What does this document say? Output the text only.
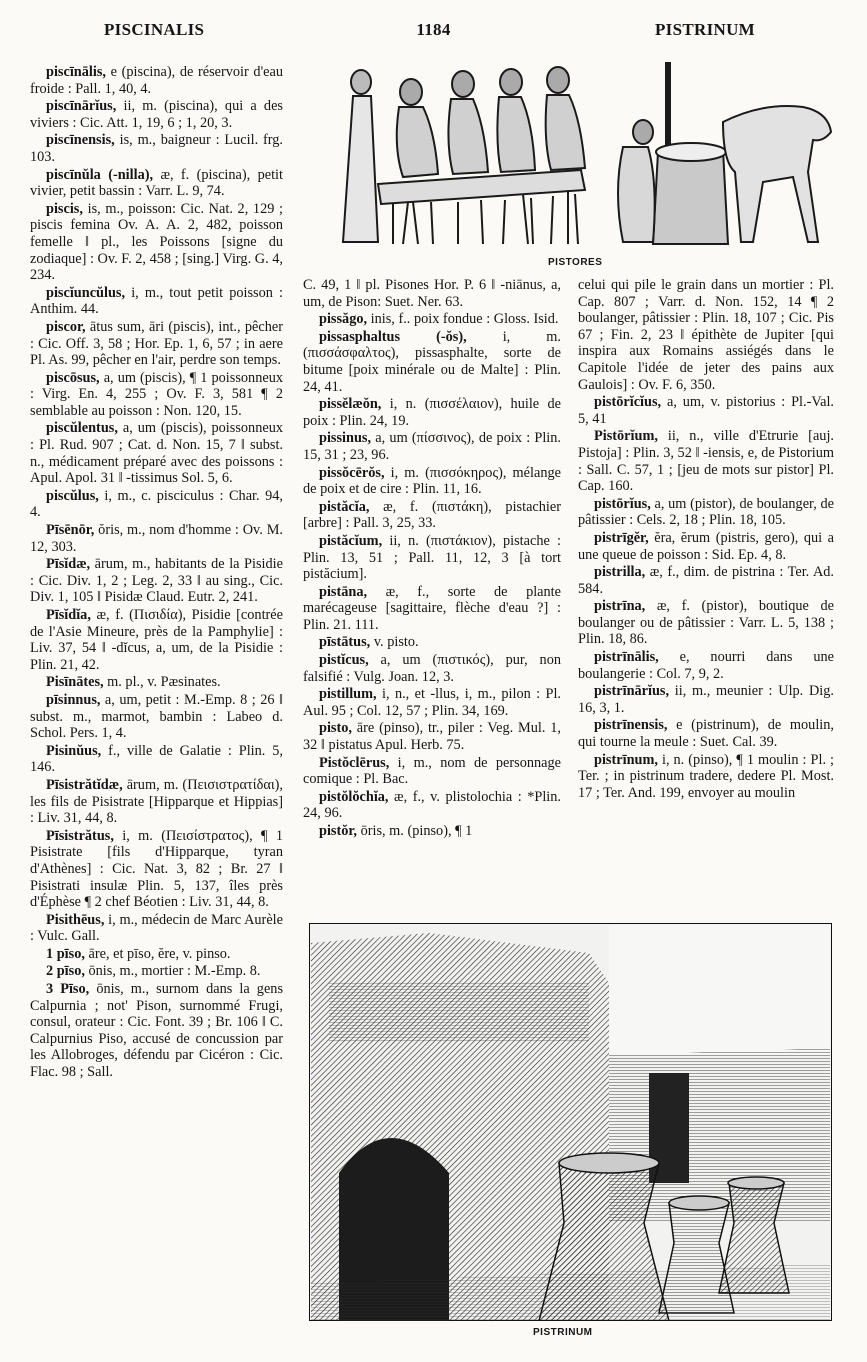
PISCINALIS	1184	PISTRINUM
PISTORES
PISTRINUM

piscīnālis, e (piscina), de réservoir d'eau froide : Pall. 1, 40, 4.

piscīnārĭus, ii, m. (piscina), qui a des viviers : Cic. Att. 1, 19, 6 ; 1, 20, 3.

piscīnensis, is, m., baigneur : Lucil. frg. 103.

piscīnŭla (-nilla), æ, f. (piscina), petit vivier, petit bassin : Varr. L. 9, 74.

piscis, is, m., poisson: Cic. Nat. 2, 129 ; piscis femina Ov. A. A. 2, 482, poisson femelle ‖ pl., les Poissons [signe du zodiaque] : Ov. F. 2, 458 ; [sing.] Virg. G. 4, 234.

piscĭuncŭlus, i, m., tout petit poisson : Anthim. 44.

piscor, ātus sum, āri (piscis), int., pêcher : Cic. Off. 3, 58 ; Hor. Ep. 1, 6, 57 ; in aere Pl. As. 99, pêcher en l'air, perdre son temps.

piscōsus, a, um (piscis), ¶ 1 poissonneux : Virg. En. 4, 255 ; Ov. F. 3, 581 ¶ 2 semblable au poisson : Non. 120, 15.

piscŭlentus, a, um (piscis), poissonneux : Pl. Rud. 907 ; Cat. d. Non. 15, 7 ‖ subst. n., médicament préparé avec des poissons : Apul. Apol. 31 ‖ -tissimus Sol. 5, 6.

piscŭlus, i, m., c. pisciculus : Char. 94, 4.

Pīsēnōr, ŏris, m., nom d'homme : Ov. M. 12, 303.

Pīsĭdæ, ārum, m., habitants de la Pisidie : Cic. Div. 1, 2 ; Leg. 2, 33 ‖ au sing., Cic. Div. 1, 105 ‖ Pisidæ Claud. Eutr. 2, 241.

Pīsĭdĭa, æ, f. (Πισιδία), Pisidie [contrée de l'Asie Mineure, près de la Pamphylie] : Liv. 37, 54 ‖ -dĭcus, a, um, de la Pisidie : Plin. 21, 42.

Pisīnātes, m. pl., v. Pæsinates.

pīsinnus, a, um, petit : M.-Emp. 8 ; 26 ‖ subst. m., marmot, bambin : Labeo d. Schol. Pers. 1, 4.

Pisinŭus, f., ville de Galatie : Plin. 5, 146.

Pīsistrătĭdæ, ārum, m. (Πεισιστρατίδαι), les fils de Pisistrate [Hipparque et Hippias] : Liv. 31, 44, 8.

Pīsistrătus, i, m. (Πεισίστρατος), ¶ 1 Pisistrate [fils d'Hipparque, tyran d'Athènes] : Cic. Nat. 3, 82 ; Br. 27 ‖ Pisistrati insulæ Plin. 5, 137, îles près d'Éphèse ¶ 2 chef Béotien : Liv. 31, 44, 8.

Pisithēus, i, m., médecin de Marc Aurèle : Vulc. Gall.

1 pīso, āre, et pīso, ĕre, v. pinso.

2 pīso, ōnis, m., mortier : M.-Emp. 8.

3 Pīso, ōnis, m., surnom dans la gens Calpurnia ; not' Pison, surnommé Frugi, consul, orateur : Cic. Font. 39 ; Br. 106 ‖ C. Calpurnius Piso, accusé de concussion par les Allobroges, défendu par Cicéron : Cic. Flac. 98 ; Sall.

C. 49, 1 ‖ pl. Pisones Hor. P. 6 ‖ -niānus, a, um, de Pison: Suet. Ner. 63.

pissăgo, inis, f.. poix fondue : Gloss. Isid.

pissasphaltus (-ŏs), i, m. (πισσάσφαλτος), pissasphalte, sorte de bitume [poix minérale ou de Malte] : Plin. 24, 41.

pissĕlæŏn, i, n. (πισσέλαιον), huile de poix : Plin. 24, 19.

pissinus, a, um (πίσσινος), de poix : Plin. 15, 31 ; 23, 96.

pissŏcērŏs, i, m. (πισσόκηρος), mélange de poix et de cire : Plin. 11, 16.

pistăcĭa, æ, f. (πιστάκη), pistachier [arbre] : Pall. 3, 25, 33.

pistăcĭum, ii, n. (πιστάκιον), pistache : Plin. 13, 51 ; Pall. 11, 12, 3 [à tort pistăcium].

pistāna, æ, f., sorte de plante marécageuse [sagittaire, flèche d'eau ?] : Plin. 21. 111.

pīstātus, v. pisto.

pistĭcus, a, um (πιστικός), pur, non falsifié : Vulg. Joan. 12, 3.

pistillum, i, n., et -llus, i, m., pilon : Pl. Aul. 95 ; Col. 12, 57 ; Plin. 34, 169.

pisto, āre (pinso), tr., piler : Veg. Mul. 1, 32 ‖ pistatus Apul. Herb. 75.

Pistŏclērus, i, m., nom de personnage comique : Pl. Bac.

pistŏlŏchĭa, æ, f., v. plistolochia : *Plin. 24, 96.

pistŏr, ōris, m. (pinso), ¶ 1

celui qui pile le grain dans un mortier : Pl. Cap. 807 ; Varr. d. Non. 152, 14 ¶ 2 boulanger, pâtissier : Plin. 18, 107 ; Cic. Pis 67 ; Fin. 2, 23 ‖ épithète de Jupiter [qui inspira aux Romains assiégés dans le Capitole l'idée de jeter des pains aux Gaulois] : Ov. F. 6, 350.

pistōrĭcĭus, a, um, v. pistorius : Pl.-Val. 5, 41

Pistōrĭum, ii, n., ville d'Etrurie [auj. Pistoja] : Plin. 3, 52 ‖ -iensis, e, de Pistorium : Sall. C. 57, 1 ; [jeu de mots sur pistor] Pl. Cap. 160.

pistōrĭus, a, um (pistor), de boulanger, de pâtissier : Cels. 2, 18 ; Plin. 18, 105.

pistrīgĕr, ĕra, ĕrum (pistris, gero), qui a une queue de poisson : Sid. Ep. 4, 8.

pistrilla, æ, f., dim. de pistrina : Ter. Ad. 584.

pistrīna, æ, f. (pistor), boutique de boulanger ou de pâtissier : Varr. L. 5, 138 ; Plin. 18, 86.

pistrīnālis, e, nourri dans une boulangerie : Col. 7, 9, 2.

pistrīnārĭus, ii, m., meunier : Ulp. Dig. 16, 3, 1.

pistrīnensis, e (pistrinum), de moulin, qui tourne la meule : Suet. Cal. 39.

pistrīnum, i, n. (pinso), ¶ 1 moulin : Pl. ; Ter. ; in pistrinum tradere, dedere Pl. Most. 17 ; Ter. And. 199, envoyer au moulin
